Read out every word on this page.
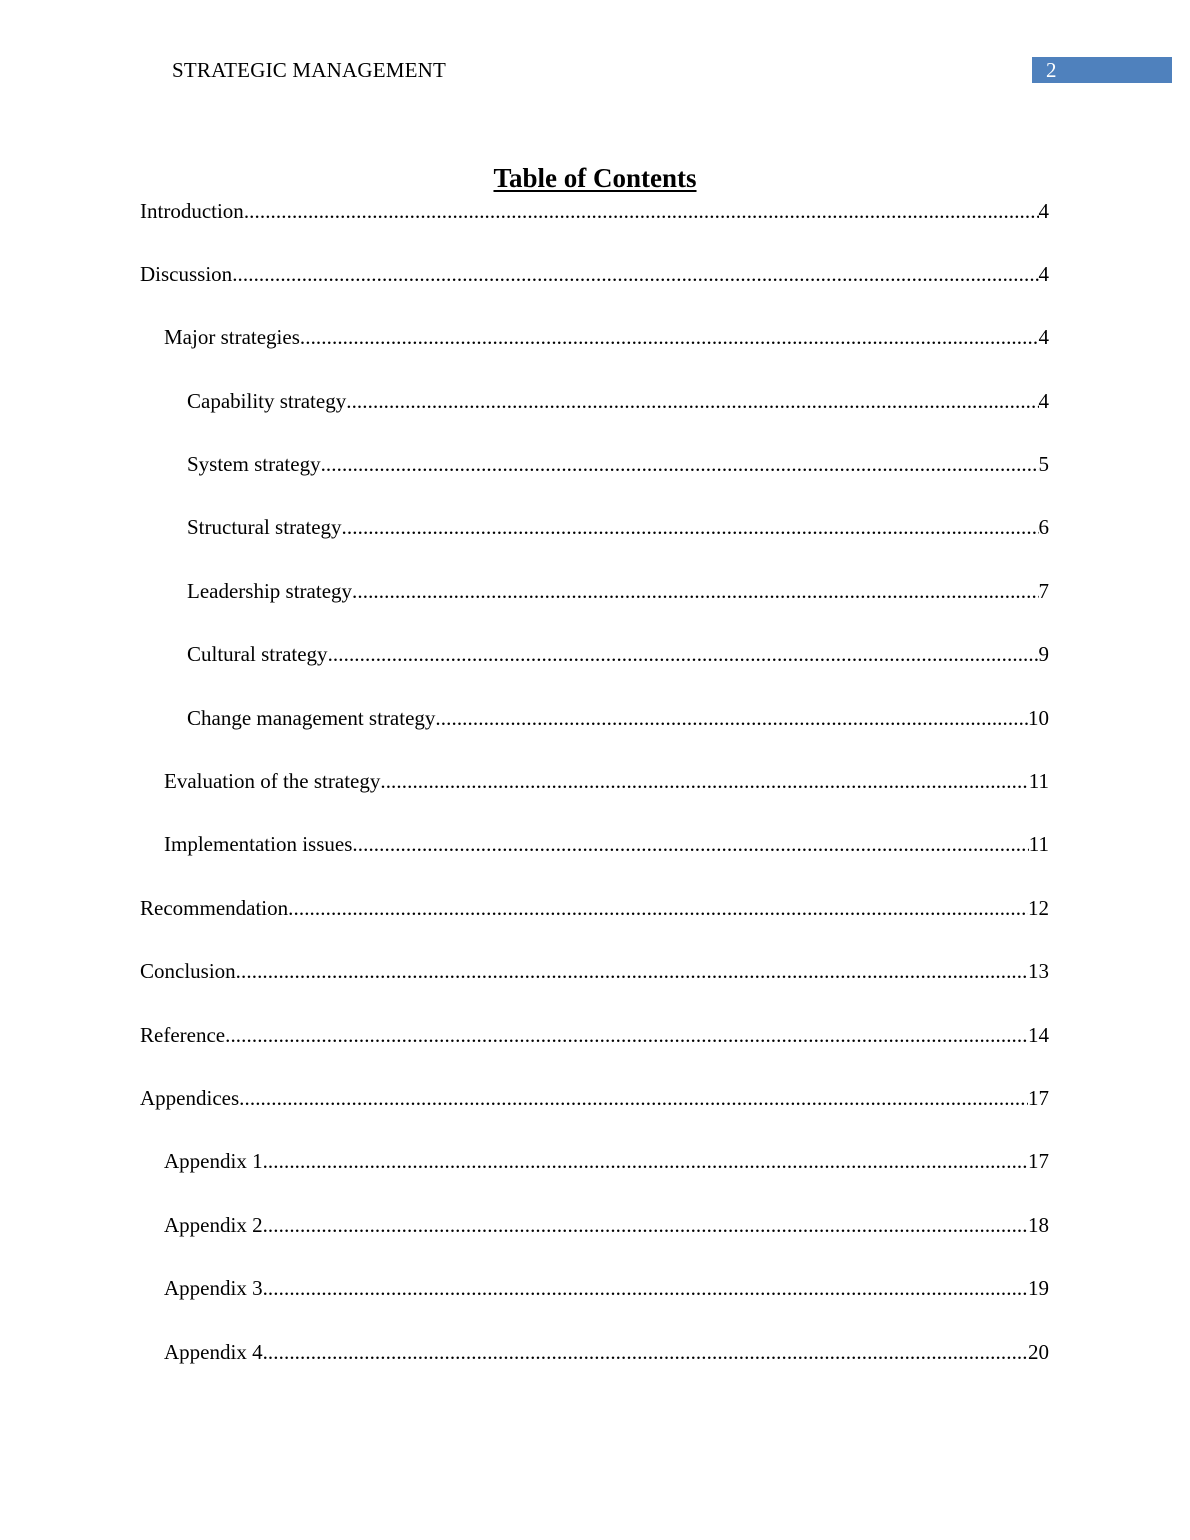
STRATEGIC MANAGEMENT	2
Table of Contents
Introduction .....	4
Discussion .....	4
Major strategies .....	4
Capability strategy .....	4
System strategy .....	5
Structural strategy .....	6
Leadership strategy .....	7
Cultural strategy .....	9
Change management strategy .....	10
Evaluation of the strategy .....	11
Implementation issues .....	11
Recommendation .....	12
Conclusion .....	13
Reference .....	14
Appendices .....	17
Appendix 1 .....	17
Appendix 2 .....	18
Appendix 3 .....	19
Appendix 4 .....	20
